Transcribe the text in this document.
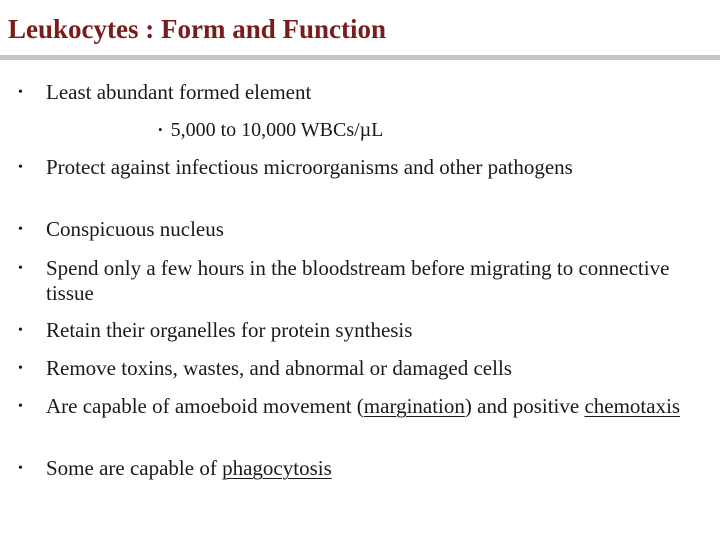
Leukocytes : Form and Function
• Least abundant formed element
• 5,000 to 10,000 WBCs/µL
• Protect against infectious microorganisms and other pathogens
• Conspicuous nucleus
• Spend only a few hours in the bloodstream before migrating to connective tissue
• Retain their organelles for protein synthesis
• Remove toxins, wastes, and abnormal or damaged cells
• Are capable of amoeboid movement (margination) and positive chemotaxis
• Some are capable of phagocytosis
